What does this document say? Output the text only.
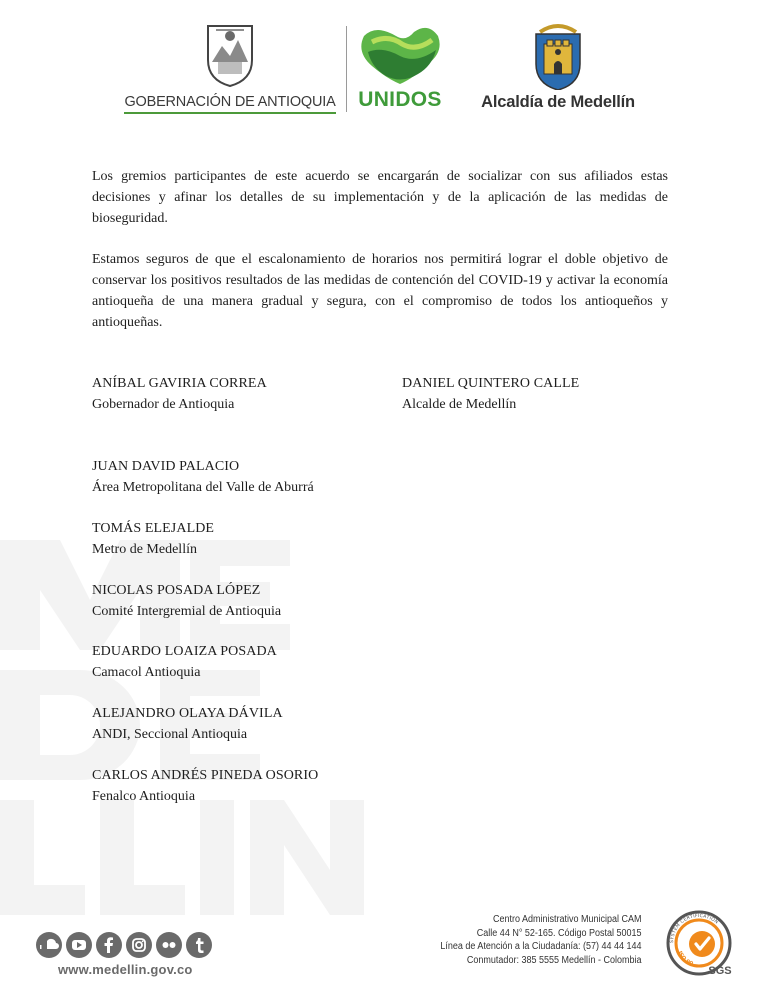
GOBERNACIÓN DE ANTIOQUIA UNIDOS	Alcaldía de Medellín

Los gremios participantes de este acuerdo se encargarán de socializar con sus afiliados estas decisiones y afinar los detalles de su implementación y de la aplicación de las medidas de bioseguridad.

Estamos seguros de que el escalonamiento de horarios nos permitirá lograr el doble objetivo de conservar los positivos resultados de las medidas de contención del COVID-19 y activar la economía antioqueña de una manera gradual y segura, con el compromiso de todos los antioqueños y antioqueñas.

ANÍBAL GAVIRIA CORREA
Gobernador de Antioquia
DANIEL QUINTERO CALLE
Alcalde de Medellín
JUAN DAVID PALACIO
Área Metropolitana del Valle de Aburrá
TOMÁS ELEJALDE
Metro de Medellín
NICOLAS POSADA LÓPEZ
Comité Intergremial de Antioquia
EDUARDO LOAIZA POSADA
Camacol Antioquia
ALEJANDRO OLAYA DÁVILA
ANDI, Seccional Antioquia
CARLOS ANDRÉS PINEDA OSORIO
Fenalco Antioquia
www.medellin.gov.co
Centro Administrativo Municipal CAM
Calle 44 N° 52-165. Código Postal 50015
Línea de Atención a la Ciudadanía: (57) 44 44 144
Conmutador: 385 5555 Medellín - Colombia
SYSTEM CERTIFICATION
ISO 90
SGS
